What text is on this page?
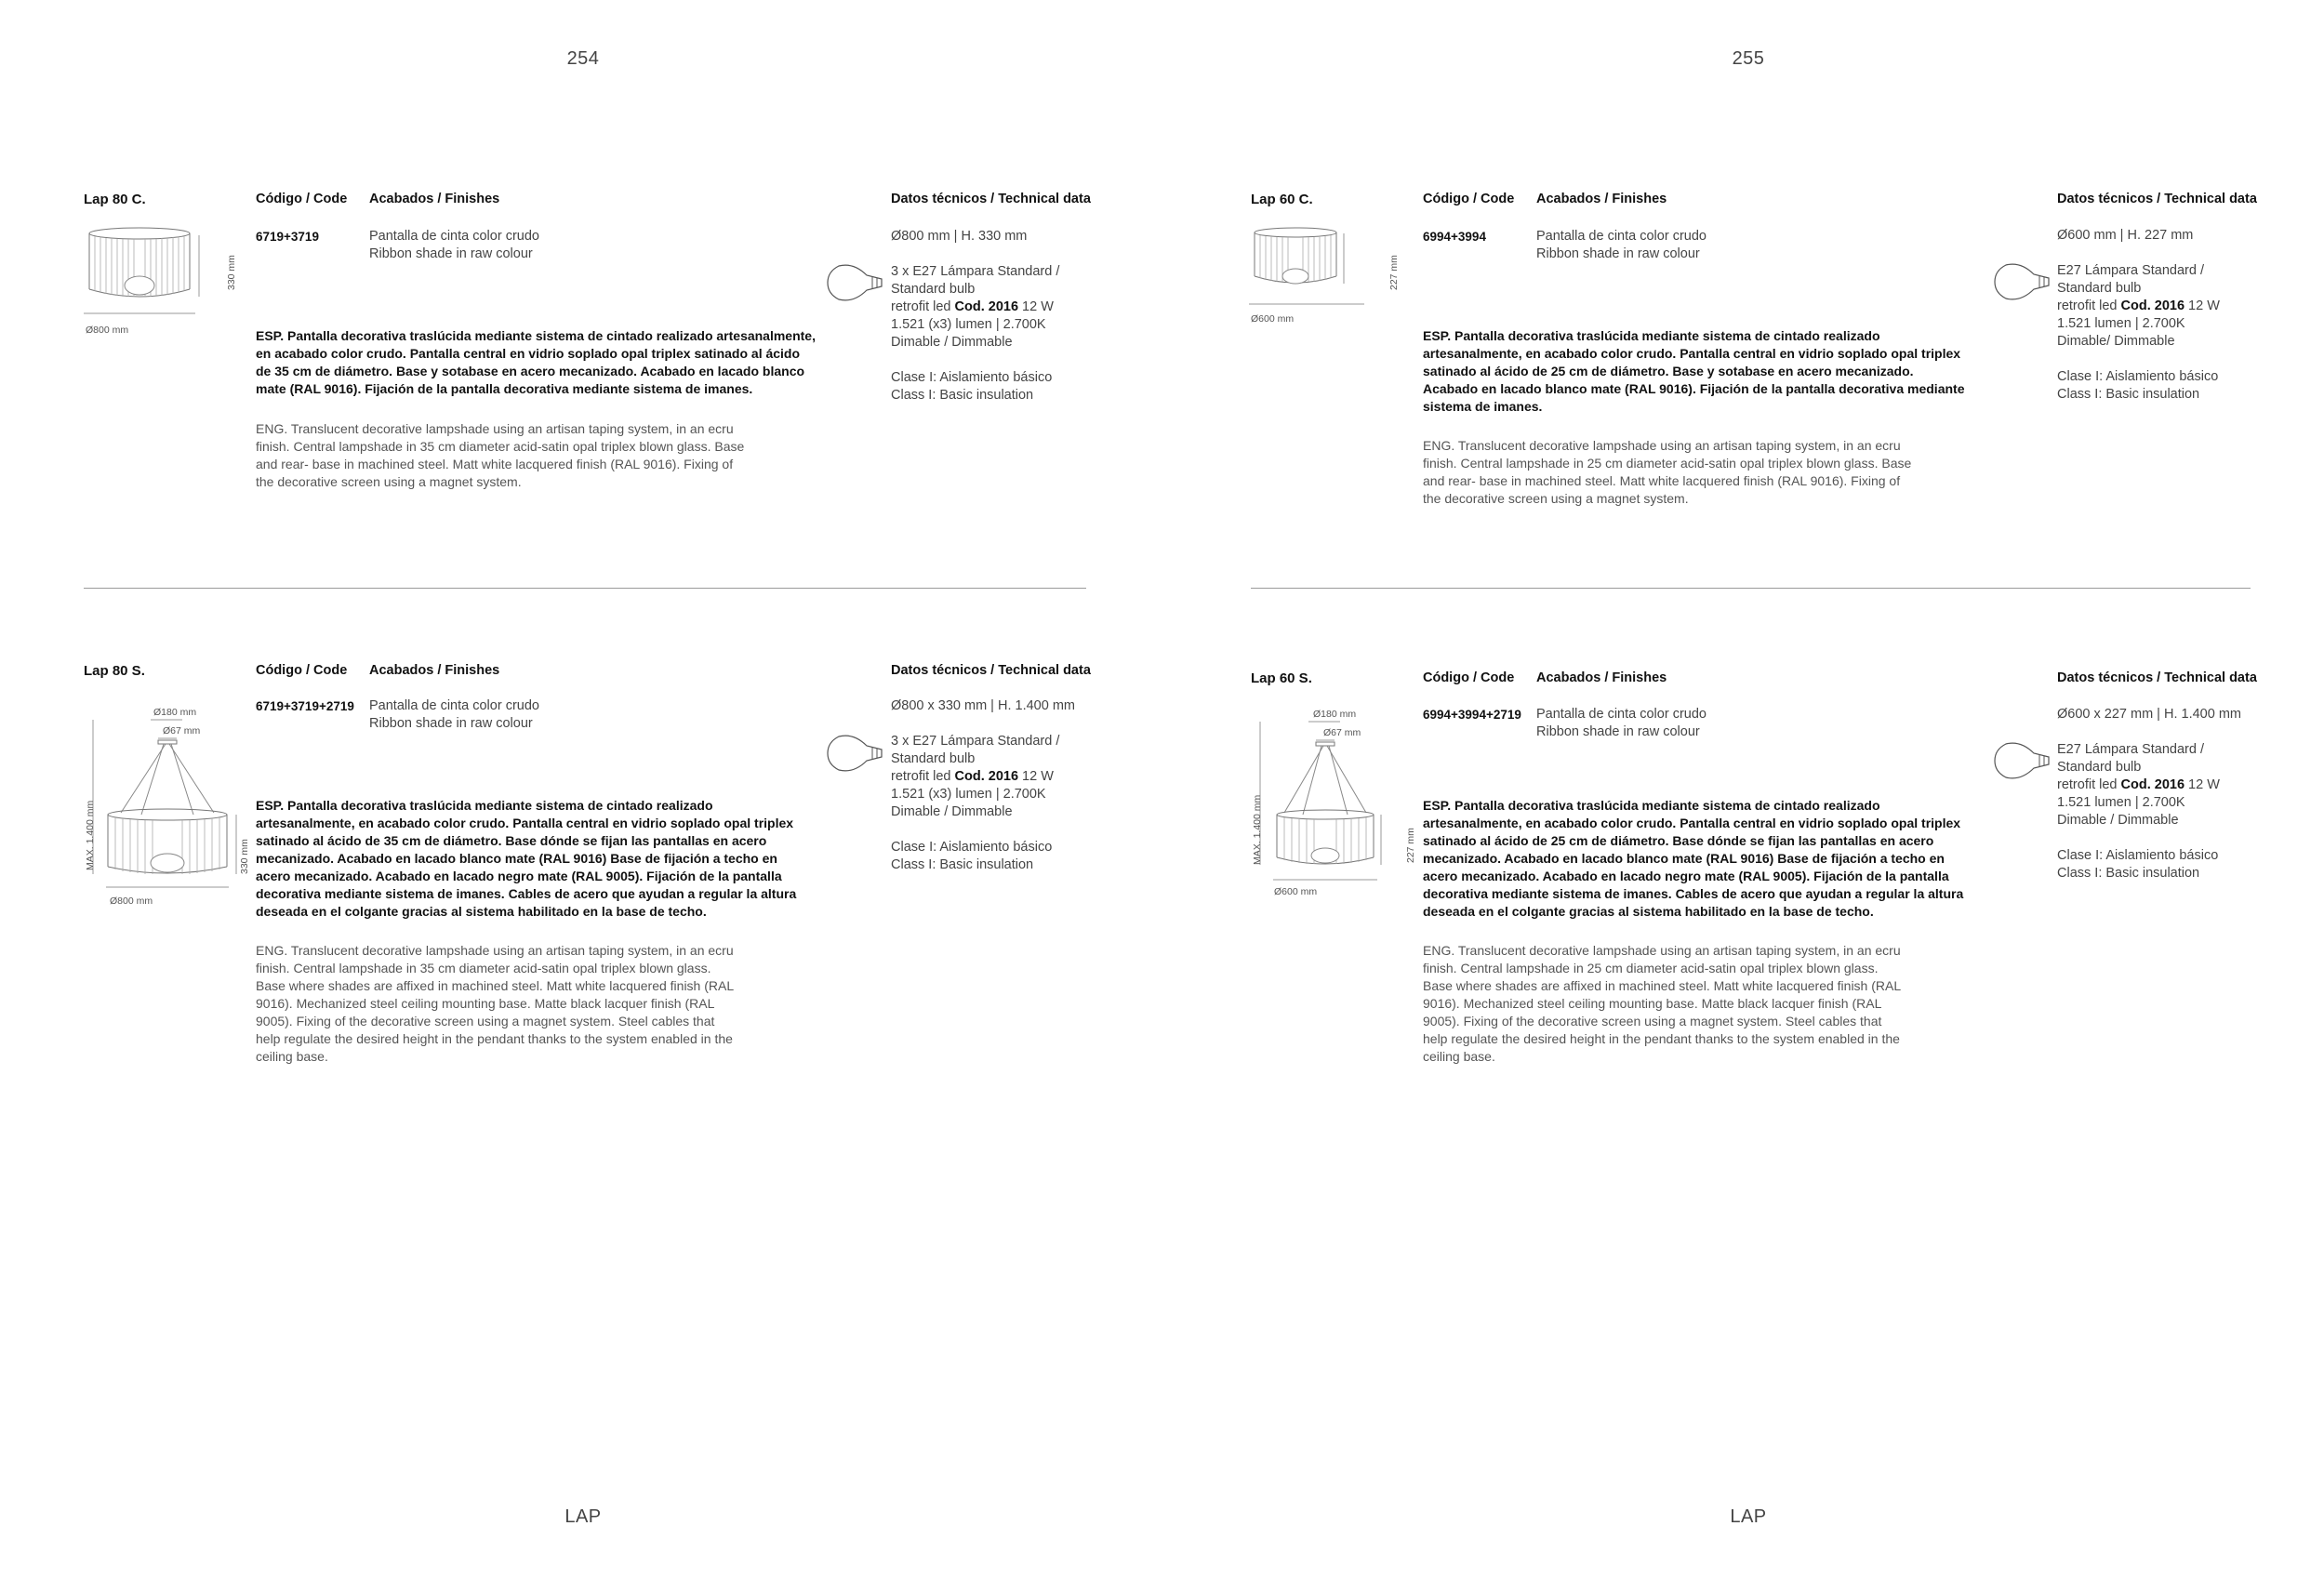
254	255
Lap 80 C.
330 mm
Ø800 mm
Código / Code Acabados / Finishes
6719+3719	Pantalla de cinta color crudo
Ribbon shade in raw colour
ESP. Pantalla decorativa traslúcida mediante sistema de cintado realizado artesanalmente,
en acabado color crudo. Pantalla central en vidrio soplado opal triplex satinado al ácido
de 35 cm de diámetro. Base y sotabase en acero mecanizado. Acabado en lacado blanco
mate (RAL 9016). Fijación de la pantalla decorativa mediante sistema de imanes.
ENG. Translucent decorative lampshade using an artisan taping system, in an ecru
finish. Central lampshade in 35 cm diameter acid-satin opal triplex blown glass. Base
and rear- base in machined steel. Matt white lacquered finish (RAL 9016). Fixing of
the decorative screen using a magnet system.
Datos técnicos / Technical data
Ø800 mm | H. 330 mm
3 x E27 Lámpara Standard /
Standard bulb
retrofit led Cod. 2016 12 W
1.521 (x3) lumen | 2.700K
Dimable / Dimmable
Clase I: Aislamiento básico
Class I: Basic insulation
Lap 80 S.
Ø180 mm
Ø67 mm
MAX. 1.400 mm	330 mm
Ø800 mm
Código / Code Acabados / Finishes
6719+3719+2719 Pantalla de cinta color crudo
Ribbon shade in raw colour
ESP. Pantalla decorativa traslúcida mediante sistema de cintado realizado
artesanalmente, en acabado color crudo. Pantalla central en vidrio soplado opal triplex
satinado al ácido de 35 cm de diámetro. Base dónde se fijan las pantallas en acero
mecanizado. Acabado en lacado blanco mate (RAL 9016) Base de fijación a techo en
acero mecanizado. Acabado en lacado negro mate (RAL 9005). Fijación de la pantalla
decorativa mediante sistema de imanes. Cables de acero que ayudan a regular la altura
deseada en el colgante gracias al sistema habilitado en la base de techo.
ENG. Translucent decorative lampshade using an artisan taping system, in an ecru
finish. Central lampshade in 35 cm diameter acid-satin opal triplex blown glass.
Base where shades are affixed in machined steel. Matt white lacquered finish (RAL
9016). Mechanized steel ceiling mounting base. Matte black lacquer finish (RAL
9005). Fixing of the decorative screen using a magnet system. Steel cables that
help regulate the desired height in the pendant thanks to the system enabled in the
ceiling base.
Datos técnicos / Technical data
Ø800 x 330 mm | H. 1.400 mm
3 x E27 Lámpara Standard /
Standard bulb
retrofit led Cod. 2016 12 W
1.521 (x3) lumen | 2.700K
Dimable / Dimmable
Clase I: Aislamiento básico
Class I: Basic insulation
Lap 60 C.
227 mm
Ø600 mm
Código / Code Acabados / Finishes
6994+3994	Pantalla de cinta color crudo
Ribbon shade in raw colour
ESP. Pantalla decorativa traslúcida mediante sistema de cintado realizado
artesanalmente, en acabado color crudo. Pantalla central en vidrio soplado opal triplex
satinado al ácido de 25 cm de diámetro. Base y sotabase en acero mecanizado.
Acabado en lacado blanco mate (RAL 9016). Fijación de la pantalla decorativa mediante
sistema de imanes.
ENG. Translucent decorative lampshade using an artisan taping system, in an ecru
finish. Central lampshade in 25 cm diameter acid-satin opal triplex blown glass. Base
and rear- base in machined steel. Matt white lacquered finish (RAL 9016). Fixing of
the decorative screen using a magnet system.
Datos técnicos / Technical data
Ø600 mm | H. 227 mm
E27 Lámpara Standard /
Standard bulb
retrofit led Cod. 2016 12 W
1.521 lumen | 2.700K
Dimable/ Dimmable
Clase I: Aislamiento básico
Class I: Basic insulation
Lap 60 S.
Ø180 mm
Ø67 mm
MAX. 1.400 mm	227 mm
Ø600 mm
Código / Code Acabados / Finishes
6994+3994+2719 Pantalla de cinta color crudo
Ribbon shade in raw colour
ESP. Pantalla decorativa traslúcida mediante sistema de cintado realizado
artesanalmente, en acabado color crudo. Pantalla central en vidrio soplado opal triplex
satinado al ácido de 25 cm de diámetro. Base dónde se fijan las pantallas en acero
mecanizado. Acabado en lacado blanco mate (RAL 9016) Base de fijación a techo en
acero mecanizado. Acabado en lacado negro mate (RAL 9005). Fijación de la pantalla
decorativa mediante sistema de imanes. Cables de acero que ayudan a regular la altura
deseada en el colgante gracias al sistema habilitado en la base de techo.
ENG. Translucent decorative lampshade using an artisan taping system, in an ecru
finish. Central lampshade in 25 cm diameter acid-satin opal triplex blown glass.
Base where shades are affixed in machined steel. Matt white lacquered finish (RAL
9016). Mechanized steel ceiling mounting base. Matte black lacquer finish (RAL
9005). Fixing of the decorative screen using a magnet system. Steel cables that
help regulate the desired height in the pendant thanks to the system enabled in the
ceiling base.
Datos técnicos / Technical data
Ø600 x 227 mm | H. 1.400 mm
E27 Lámpara Standard /
Standard bulb
retrofit led Cod. 2016 12 W
1.521 lumen | 2.700K
Dimable / Dimmable
Clase I: Aislamiento básico
Class I: Basic insulation
LAP	LAP
